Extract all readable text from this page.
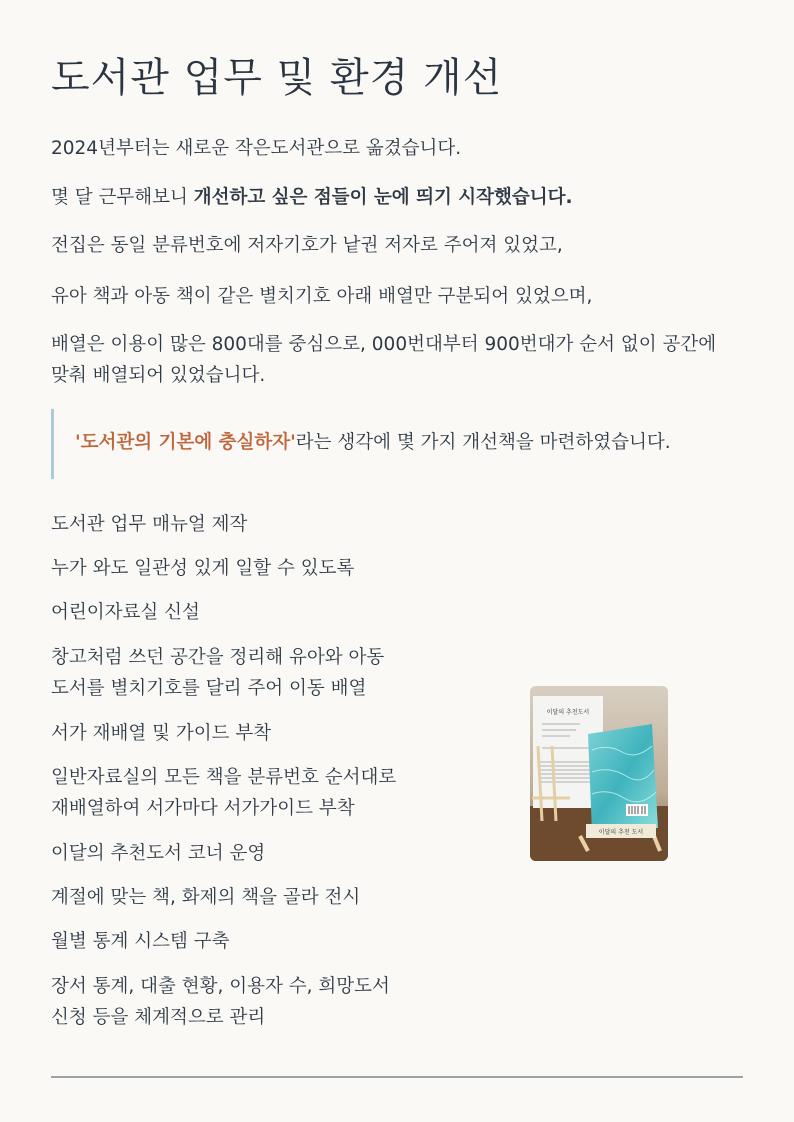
도서관 업무 및 환경 개선
2024년부터는 새로운 작은도서관으로 옮겼습니다.
몇 달 근무해보니 개선하고 싶은 점들이 눈에 띄기 시작했습니다.
전집은 동일 분류번호에 저자기호가 낱권 저자로 주어져 있었고,
유아 책과 아동 책이 같은 별치기호 아래 배열만 구분되어 있었으며,
배열은 이용이 많은 800대를 중심으로, 000번대부터 900번대가 순서 없이 공간에
맞춰 배열되어 있었습니다.
'도서관의 기본에 충실하자'라는 생각에 몇 가지 개선책을 마련하였습니다.
도서관 업무 매뉴얼 제작
누가 와도 일관성 있게 일할 수 있도록
어린이자료실 신설
창고처럼 쓰던 공간을 정리해 유아와 아동
도서를 별치기호를 달리 주어 이동 배열
서가 재배열 및 가이드 부착
일반자료실의 모든 책을 분류번호 순서대로
재배열하여 서가마다 서가가이드 부착
이달의 추천도서 코너 운영
계절에 맞는 책, 화제의 책을 골라 전시
월별 통계 시스템 구축
장서 통계, 대출 현황, 이용자 수, 희망도서
신청 등을 체계적으로 관리
이달의 추천도서
이달의 추천 도서
